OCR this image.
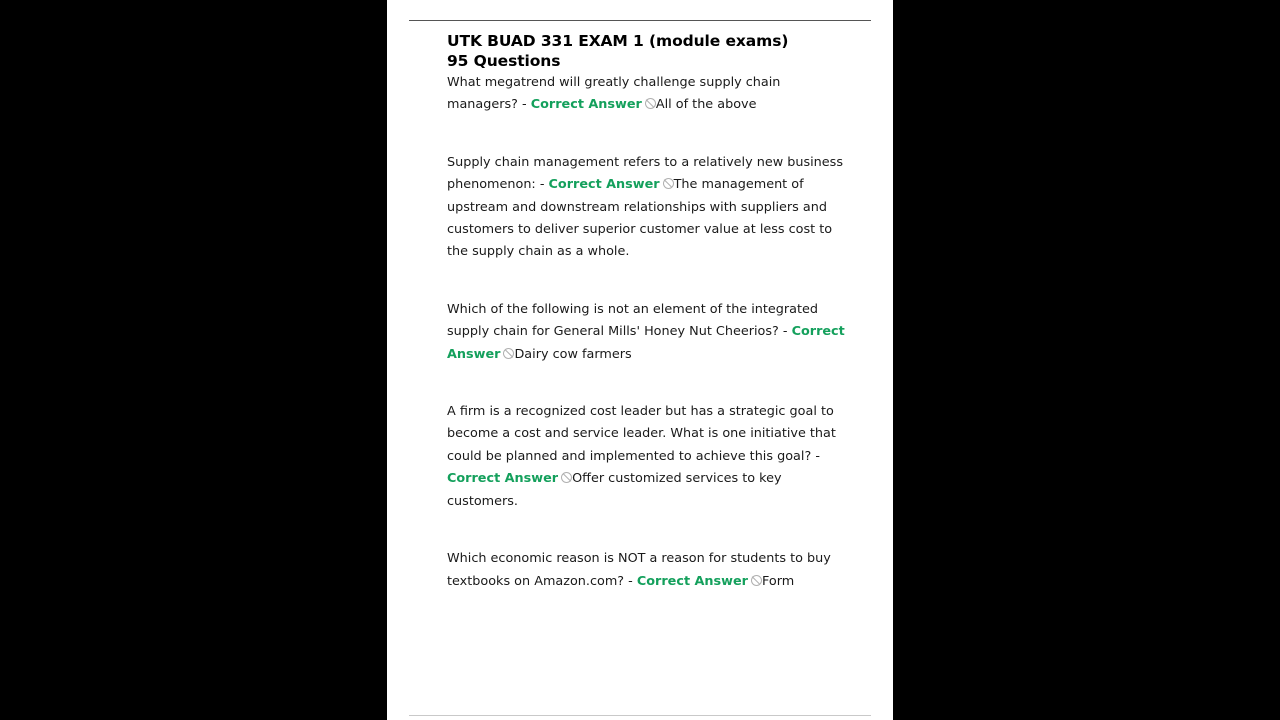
UTK BUAD 331 EXAM 1 (module exams)
95 Questions

What megatrend will greatly challenge supply chain managers? - Correct Answer All of the above

Supply chain management refers to a relatively new business phenomenon: - Correct Answer The management of upstream and downstream relationships with suppliers and customers to deliver superior customer value at less cost to the supply chain as a whole.

Which of the following is not an element of the integrated supply chain for General Mills' Honey Nut Cheerios? - Correct Answer Dairy cow farmers

A firm is a recognized cost leader but has a strategic goal to become a cost and service leader. What is one initiative that could be planned and implemented to achieve this goal? - Correct Answer Offer customized services to key customers.

Which economic reason is NOT a reason for students to buy textbooks on Amazon.com? - Correct Answer Form
